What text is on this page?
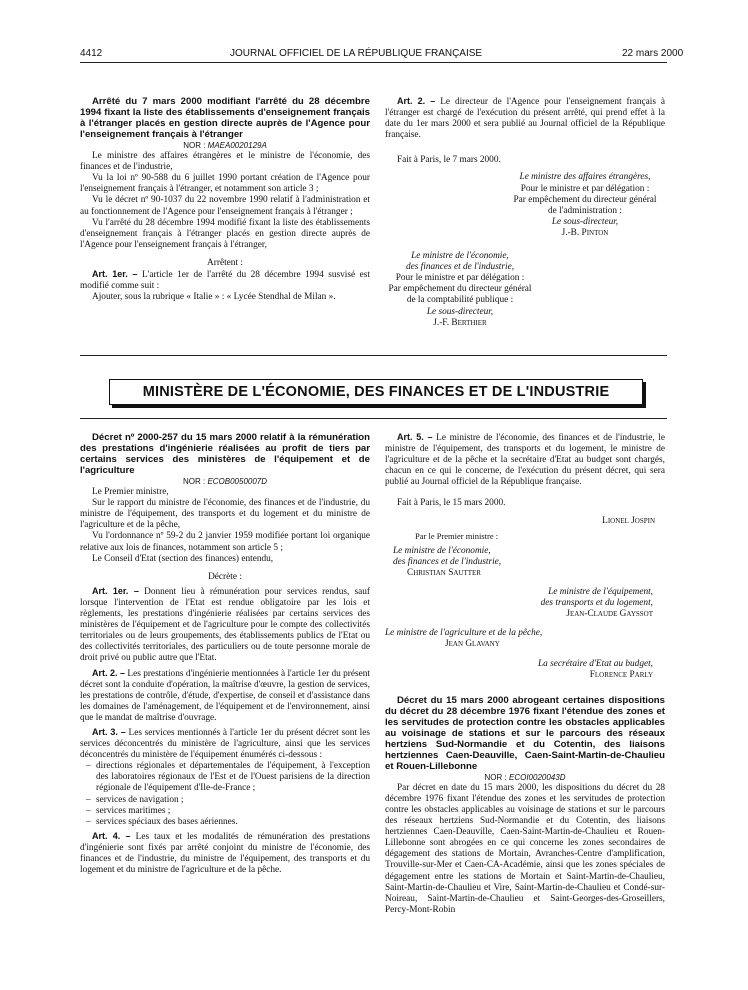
4412	JOURNAL OFFICIEL DE LA RÉPUBLIQUE FRANÇAISE	22 mars 2000

Arrêté du 7 mars 2000 modifiant l'arrêté du 28 décembre 1994 fixant la liste des établissements d'enseignement français à l'étranger placés en gestion directe auprès de l'Agence pour l'enseignement français à l'étranger

NOR : MAEA0020129A

Le ministre des affaires étrangères et le ministre de l'économie, des finances et de l'industrie,

Vu la loi nº 90-588 du 6 juillet 1990 portant création de l'Agence pour l'enseignement français à l'étranger, et notamment son article 3 ;

Vu le décret nº 90-1037 du 22 novembre 1990 relatif à l'administration et au fonctionnement de l'Agence pour l'enseignement français à l'étranger ;

Vu l'arrêté du 28 décembre 1994 modifié fixant la liste des établissements d'enseignement français à l'étranger placés en gestion directe auprès de l'Agence pour l'enseignement français à l'étranger,

Arrêtent :

Art. 1er. – L'article 1er de l'arrêté du 28 décembre 1994 susvisé est modifié comme suit :

Ajouter, sous la rubrique « Italie » : « Lycée Stendhal de Milan ».

Art. 2. – Le directeur de l'Agence pour l'enseignement français à l'étranger est chargé de l'exécution du présent arrêté, qui prend effet à la date du 1er mars 2000 et sera publié au Journal officiel de la République française.

Fait à Paris, le 7 mars 2000.

Le ministre des affaires étrangères,
Pour le ministre et par délégation :
Par empêchement du directeur général
de l'administration :
Le sous-directeur,
J.-B. Pinton
Le ministre de l'économie,
des finances et de l'industrie,
Pour le ministre et par délégation :
Par empêchement du directeur général
de la comptabilité publique :
Le sous-directeur,
J.-F. Berthier
MINISTÈRE DE L'ÉCONOMIE, DES FINANCES ET DE L'INDUSTRIE

Décret nº 2000-257 du 15 mars 2000 relatif à la rémunération des prestations d'ingénierie réalisées au profit de tiers par certains services des ministères de l'équipement et de l'agriculture

NOR : ECOB0050007D

Le Premier ministre,

Sur le rapport du ministre de l'économie, des finances et de l'industrie, du ministre de l'équipement, des transports et du logement et du ministre de l'agriculture et de la pêche,

Vu l'ordonnance nº 59-2 du 2 janvier 1959 modifiée portant loi organique relative aux lois de finances, notamment son article 5 ;

Le Conseil d'Etat (section des finances) entendu,

Décrète :

Art. 1er. – Donnent lieu à rémunération pour services rendus, sauf lorsque l'intervention de l'Etat est rendue obligatoire par les lois et règlements, les prestations d'ingénierie réalisées par certains services des ministères de l'équipement et de l'agriculture pour le compte des collectivités territoriales ou de leurs groupements, des établissements publics de l'Etat ou des collectivités territoriales, des particuliers ou de toute personne morale de droit privé ou public autre que l'Etat.

Art. 2. – Les prestations d'ingénierie mentionnées à l'article 1er du présent décret sont la conduite d'opération, la maîtrise d'œuvre, la gestion de services, les prestations de contrôle, d'étude, d'expertise, de conseil et d'assistance dans les domaines de l'aménagement, de l'équipement et de l'environnement, ainsi que le mandat de maîtrise d'ouvrage.

Art. 3. – Les services mentionnés à l'article 1er du présent décret sont les services déconcentrés du ministère de l'agriculture, ainsi que les services déconcentrés du ministère de l'équipement énumérés ci-dessous :

– directions régionales et départementales de l'équipement, à l'exception des laboratoires régionaux de l'Est et de l'Ouest parisiens de la direction régionale de l'équipement d'Ile-de-France ;

– services de navigation ;

– services maritimes ;

– services spéciaux des bases aériennes.

Art. 4. – Les taux et les modalités de rémunération des prestations d'ingénierie sont fixés par arrêté conjoint du ministre de l'économie, des finances et de l'industrie, du ministre de l'équipement, des transports et du logement et du ministre de l'agriculture et de la pêche.

Art. 5. – Le ministre de l'économie, des finances et de l'industrie, le ministre de l'équipement, des transports et du logement, le ministre de l'agriculture et de la pêche et la secrétaire d'Etat au budget sont chargés, chacun en ce qui le concerne, de l'exécution du présent décret, qui sera publié au Journal officiel de la République française.

Fait à Paris, le 15 mars 2000.

Lionel Jospin
Par le Premier ministre :
Le ministre de l'économie,
des finances et de l'industrie,
Christian Sautter
Le ministre de l'équipement,
des transports et du logement,
Jean-Claude Gayssot
Le ministre de l'agriculture et de la pêche,
Jean Glavany
La secrétaire d'Etat au budget,
Florence Parly

Décret du 15 mars 2000 abrogeant certaines dispositions du décret du 28 décembre 1976 fixant l'étendue des zones et les servitudes de protection contre les obstacles applicables au voisinage de stations et sur le parcours des réseaux hertziens Sud-Normandie et du Cotentin, des liaisons hertziennes Caen-Deauville, Caen-Saint-Martin-de-Chaulieu et Rouen-Lillebonne

NOR : ECOI0020043D

Par décret en date du 15 mars 2000, les dispositions du décret du 28 décembre 1976 fixant l'étendue des zones et les servitudes de protection contre les obstacles applicables au voisinage de stations et sur le parcours des réseaux hertziens Sud-Normandie et du Cotentin, des liaisons hertziennes Caen-Deauville, Caen-Saint-Martin-de-Chaulieu et Rouen-Lillebonne sont abrogées en ce qui concerne les zones secondaires de dégagement des stations de Mortain, Avranches-Centre d'amplification, Trouville-sur-Mer et Caen-CA-Académie, ainsi que les zones spéciales de dégagement entre les stations de Mortain et Saint-Martin-de-Chaulieu, Saint-Martin-de-Chaulieu et Vire, Saint-Martin-de-Chaulieu et Condé-sur-Noireau, Saint-Martin-de-Chaulieu et Saint-Georges-des-Groseillers, Percy-Mont-Robin
